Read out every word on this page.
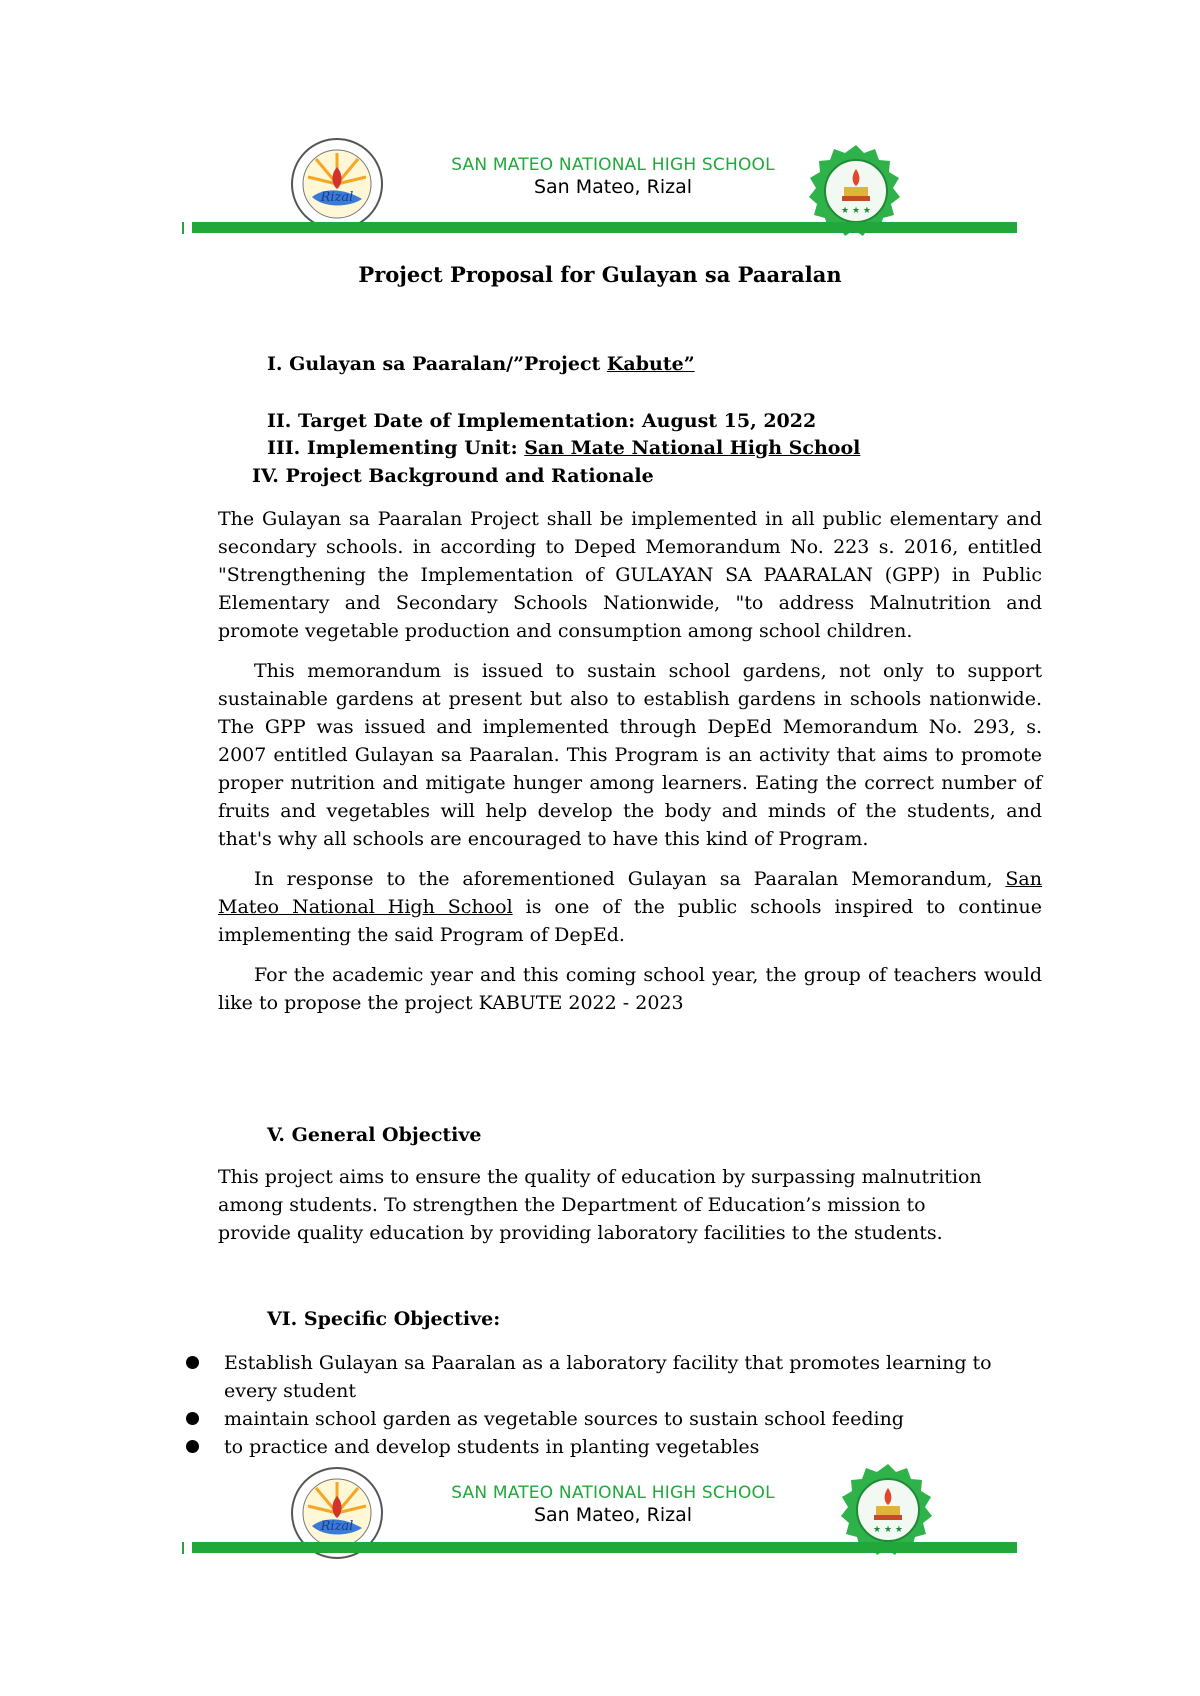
Rizal
SAN MATEO NATIONAL HIGH SCHOOL
San Mateo, Rizal
★ ★ ★
Project Proposal for Gulayan sa Paaralan
I. Gulayan sa Paaralan/”Project Kabute”
II. Target Date of Implementation: August 15, 2022
III. Implementing Unit: San Mate National High School
IV. Project Background and Rationale

The Gulayan sa Paaralan Project shall be implemented in all public elementary and secondary schools. in according to Deped Memorandum No. 223 s. 2016, entitled "Strengthening the Implementation of GULAYAN SA PAARALAN (GPP) in Public Elementary and Secondary Schools Nationwide, "to address Malnutrition and promote vegetable production and consumption among school children.

This memorandum is issued to sustain school gardens, not only to support sustainable gardens at present but also to establish gardens in schools nationwide. The GPP was issued and implemented through DepEd Memorandum No. 293, s. 2007 entitled Gulayan sa Paaralan. This Program is an activity that aims to promote proper nutrition and mitigate hunger among learners. Eating the correct number of fruits and vegetables will help develop the body and minds of the students, and that's why all schools are encouraged to have this kind of Program.

In response to the aforementioned Gulayan sa Paaralan Memorandum, San Mateo National High School is one of the public schools inspired to continue implementing the said Program of DepEd.

For the academic year and this coming school year, the group of teachers would like to propose the project KABUTE 2022 - 2023

V. General Objective
This project aims to ensure the quality of education by surpassing malnutrition among students. To strengthen the Department of Education’s mission to provide quality education by providing laboratory facilities to the students.
VI. Specific Objective:
Establish Gulayan sa Paaralan as a laboratory facility that promotes learning to every student
maintain school garden as vegetable sources to sustain school feeding
to practice and develop students in planting vegetables
Rizal
SAN MATEO NATIONAL HIGH SCHOOL
San Mateo, Rizal
★ ★ ★
